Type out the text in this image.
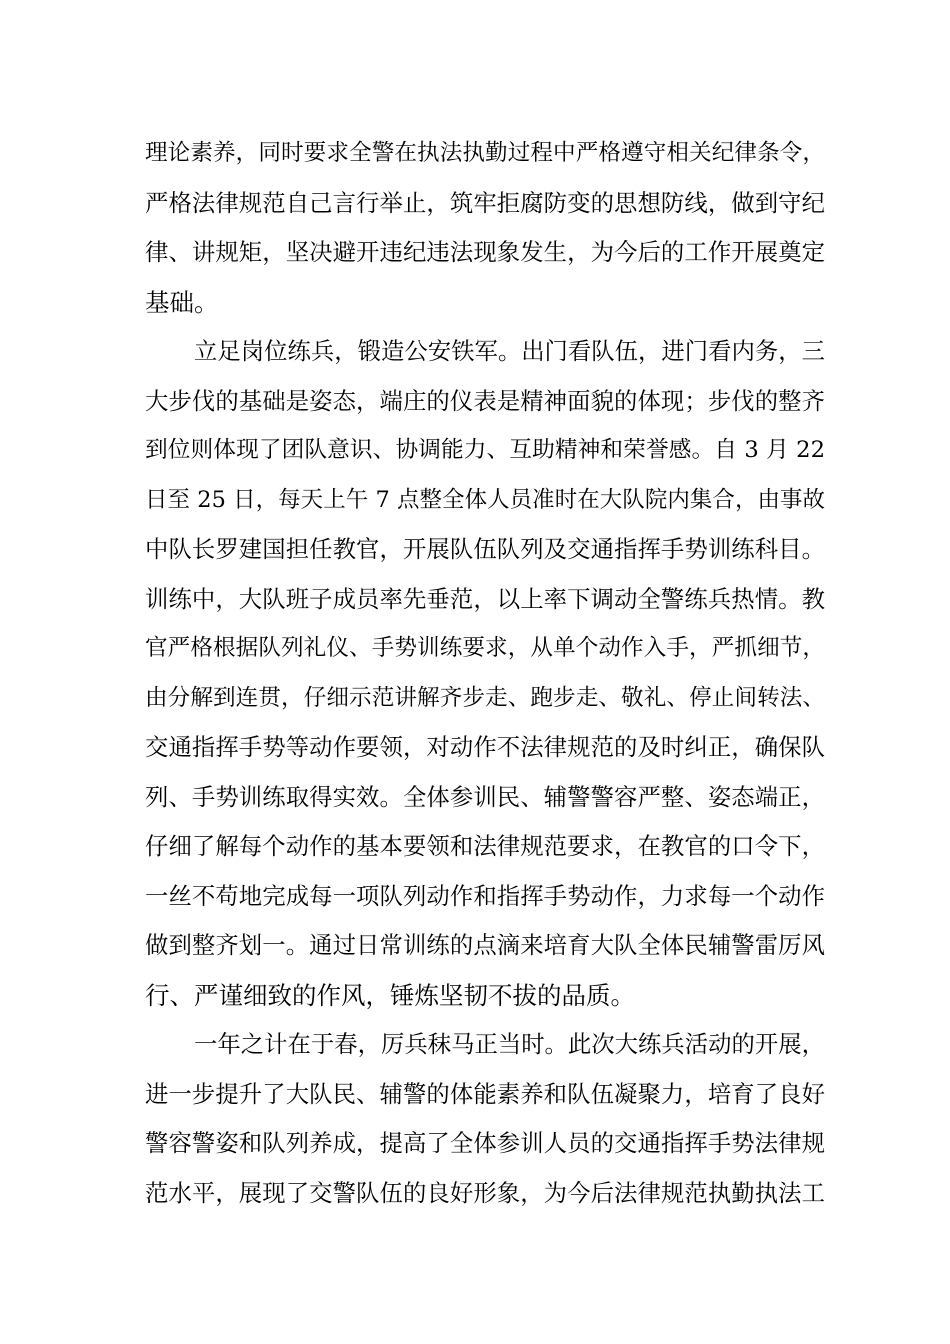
理论素养，同时要求全警在执法执勤过程中严格遵守相关纪律条令，
严格法律规范自己言行举止，筑牢拒腐防变的思想防线，做到守纪
律、讲规矩，坚决避开违纪违法现象发生，为今后的工作开展奠定
基础。

立足岗位练兵，锻造公安铁军。出门看队伍，进门看内务，三
大步伐的基础是姿态，端庄的仪表是精神面貌的体现；步伐的整齐
到位则体现了团队意识、协调能力、互助精神和荣誉感。自 3 月 22
日至 25 日，每天上午 7 点整全体人员准时在大队院内集合，由事故
中队长罗建国担任教官，开展队伍队列及交通指挥手势训练科目。
训练中，大队班子成员率先垂范，以上率下调动全警练兵热情。教
官严格根据队列礼仪、手势训练要求，从单个动作入手，严抓细节，
由分解到连贯，仔细示范讲解齐步走、跑步走、敬礼、停止间转法、
交通指挥手势等动作要领，对动作不法律规范的及时纠正，确保队
列、手势训练取得实效。全体参训民、辅警警容严整、姿态端正，
仔细了解每个动作的基本要领和法律规范要求，在教官的口令下，
一丝不苟地完成每一项队列动作和指挥手势动作，力求每一个动作
做到整齐划一。通过日常训练的点滴来培育大队全体民辅警雷厉风
行、严谨细致的作风，锤炼坚韧不拔的品质。

一年之计在于春，厉兵秣马正当时。此次大练兵活动的开展，
进一步提升了大队民、辅警的体能素养和队伍凝聚力，培育了良好
警容警姿和队列养成，提高了全体参训人员的交通指挥手势法律规
范水平，展现了交警队伍的良好形象，为今后法律规范执勤执法工
